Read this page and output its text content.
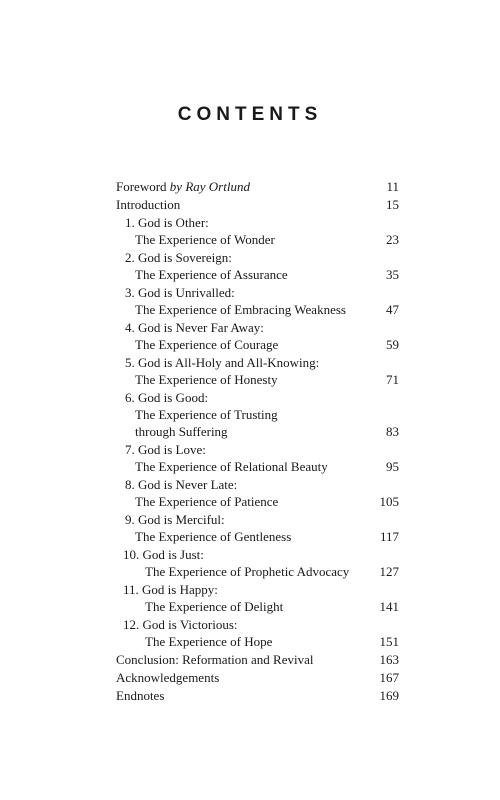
CONTENTS
Foreword by Ray Ortlund	11
Introduction	15
1. God is Other:
The Experience of Wonder	23
2. God is Sovereign:
The Experience of Assurance	35
3. God is Unrivalled:
The Experience of Embracing Weakness	47
4. God is Never Far Away:
The Experience of Courage	59
5. God is All-Holy and All-Knowing:
The Experience of Honesty	71
6. God is Good:
The Experience of Trusting
through Suffering	83
7. God is Love:
The Experience of Relational Beauty	95
8. God is Never Late:
The Experience of Patience	105
9. God is Merciful:
The Experience of Gentleness	117
10. God is Just:
The Experience of Prophetic Advocacy 127
11. God is Happy:
The Experience of Delight	141
12. God is Victorious:
The Experience of Hope	151
Conclusion: Reformation and Revival	163
Acknowledgements	167
Endnotes	169
